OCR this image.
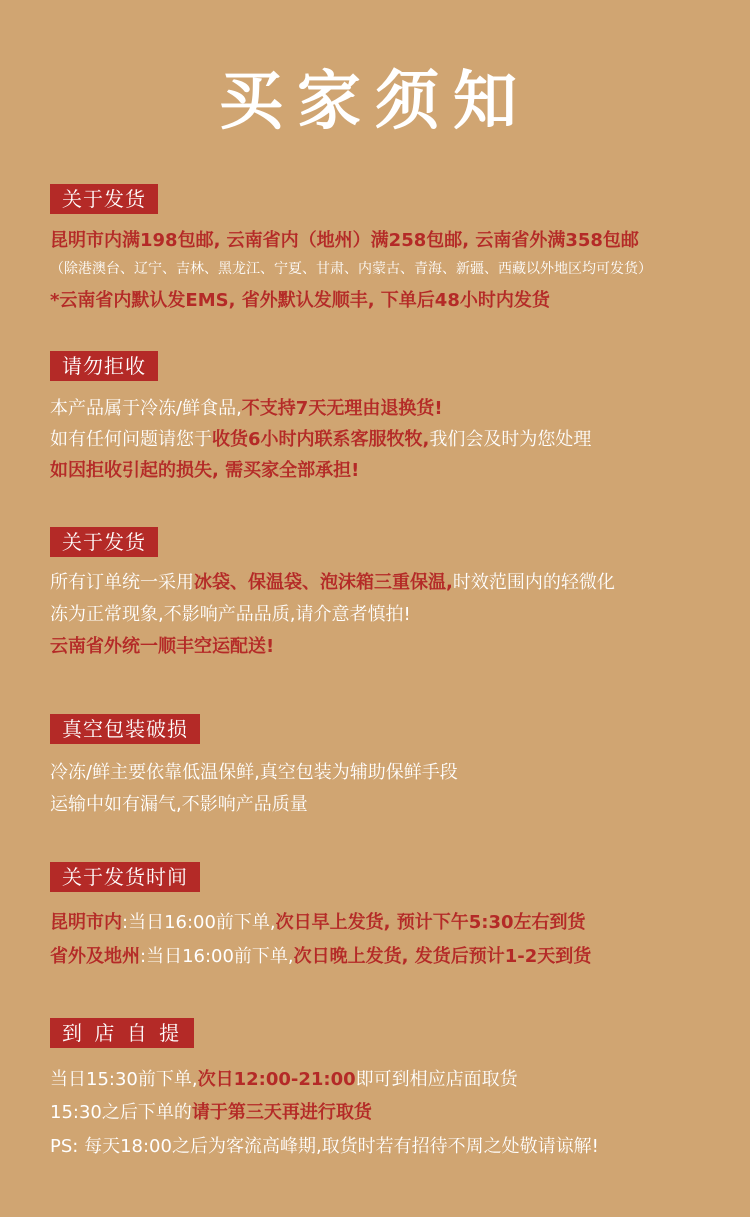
买家须知
关于发货
昆明市内满198包邮, 云南省内（地州）满258包邮, 云南省外满358包邮
（除港澳台、辽宁、吉林、黑龙江、宁夏、甘肃、内蒙古、青海、新疆、西藏以外地区均可发货）
*云南省内默认发EMS, 省外默认发顺丰, 下单后48小时内发货
请勿拒收
本产品属于冷冻/鲜食品,不支持7天无理由退换货!
如有任何问题请您于收货6小时内联系客服牧牧,我们会及时为您处理
如因拒收引起的损失, 需买家全部承担!
关于发货
所有订单统一采用冰袋、保温袋、泡沫箱三重保温,时效范围内的轻微化
冻为正常现象,不影响产品品质,请介意者慎拍!
云南省外统一顺丰空运配送!
真空包装破损
冷冻/鲜主要依靠低温保鲜,真空包装为辅助保鲜手段
运输中如有漏气,不影响产品质量
关于发货时间
昆明市内:当日16:00前下单,次日早上发货, 预计下午5:30左右到货
省外及地州:当日16:00前下单,次日晚上发货, 发货后预计1-2天到货
到 店 自 提
当日15:30前下单,次日12:00-21:00即可到相应店面取货
15:30之后下单的请于第三天再进行取货
PS: 每天18:00之后为客流高峰期,取货时若有招待不周之处敬请谅解!
